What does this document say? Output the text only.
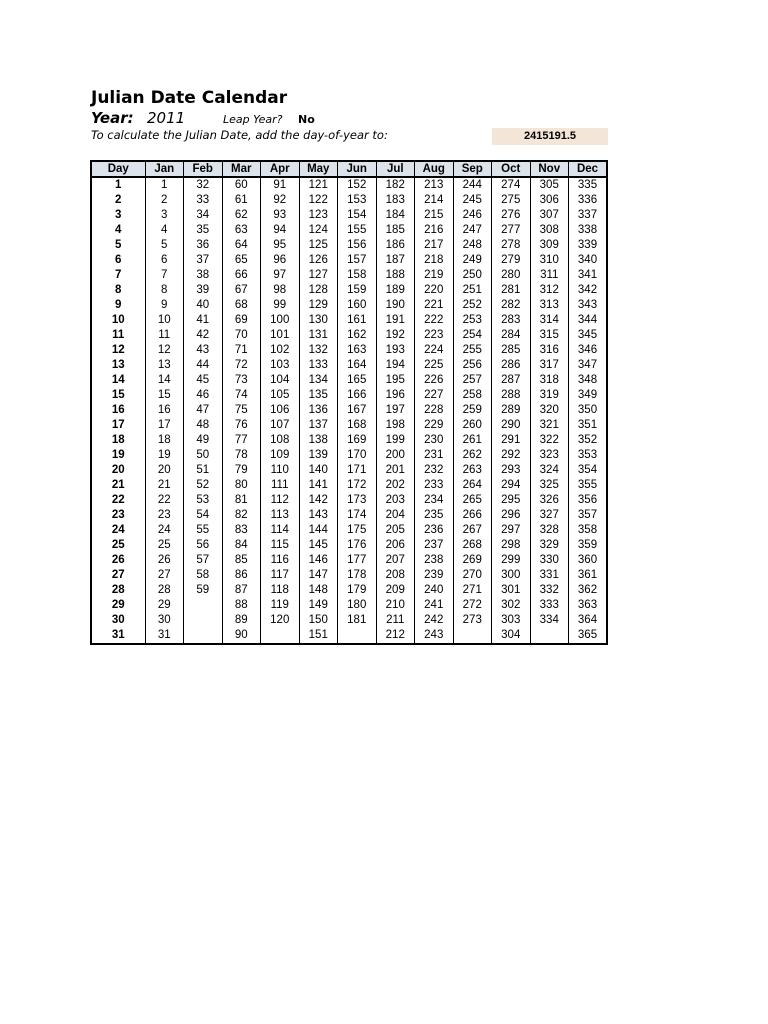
Julian Date Calendar
Year: 2011	Leap Year? No
To calculate the Julian Date, add the day-of-year to:	2415191.5
Day	Jan	Feb	Mar	Apr	May	Jun	Jul	Aug	Sep	Oct	Nov	Dec
1	1	32	60	91	121	152	182	213	244	274	305	335
2	2	33	61	92	122	153	183	214	245	275	306	336
3	3	34	62	93	123	154	184	215	246	276	307	337
4	4	35	63	94	124	155	185	216	247	277	308	338
5	5	36	64	95	125	156	186	217	248	278	309	339
6	6	37	65	96	126	157	187	218	249	279	310	340
7	7	38	66	97	127	158	188	219	250	280	311	341
8	8	39	67	98	128	159	189	220	251	281	312	342
9	9	40	68	99	129	160	190	221	252	282	313	343
10	10	41	69	100	130	161	191	222	253	283	314	344
11	11	42	70	101	131	162	192	223	254	284	315	345
12	12	43	71	102	132	163	193	224	255	285	316	346
13	13	44	72	103	133	164	194	225	256	286	317	347
14	14	45	73	104	134	165	195	226	257	287	318	348
15	15	46	74	105	135	166	196	227	258	288	319	349
16	16	47	75	106	136	167	197	228	259	289	320	350
17	17	48	76	107	137	168	198	229	260	290	321	351
18	18	49	77	108	138	169	199	230	261	291	322	352
19	19	50	78	109	139	170	200	231	262	292	323	353
20	20	51	79	110	140	171	201	232	263	293	324	354
21	21	52	80	111	141	172	202	233	264	294	325	355
22	22	53	81	112	142	173	203	234	265	295	326	356
23	23	54	82	113	143	174	204	235	266	296	327	357
24	24	55	83	114	144	175	205	236	267	297	328	358
25	25	56	84	115	145	176	206	237	268	298	329	359
26	26	57	85	116	146	177	207	238	269	299	330	360
27	27	58	86	117	147	178	208	239	270	300	331	361
28	28	59	87	118	148	179	209	240	271	301	332	362
29	29		88	119	149	180	210	241	272	302	333	363
30	30		89	120	150	181	211	242	273	303	334	364
31	31		90		151		212	243		304		365
